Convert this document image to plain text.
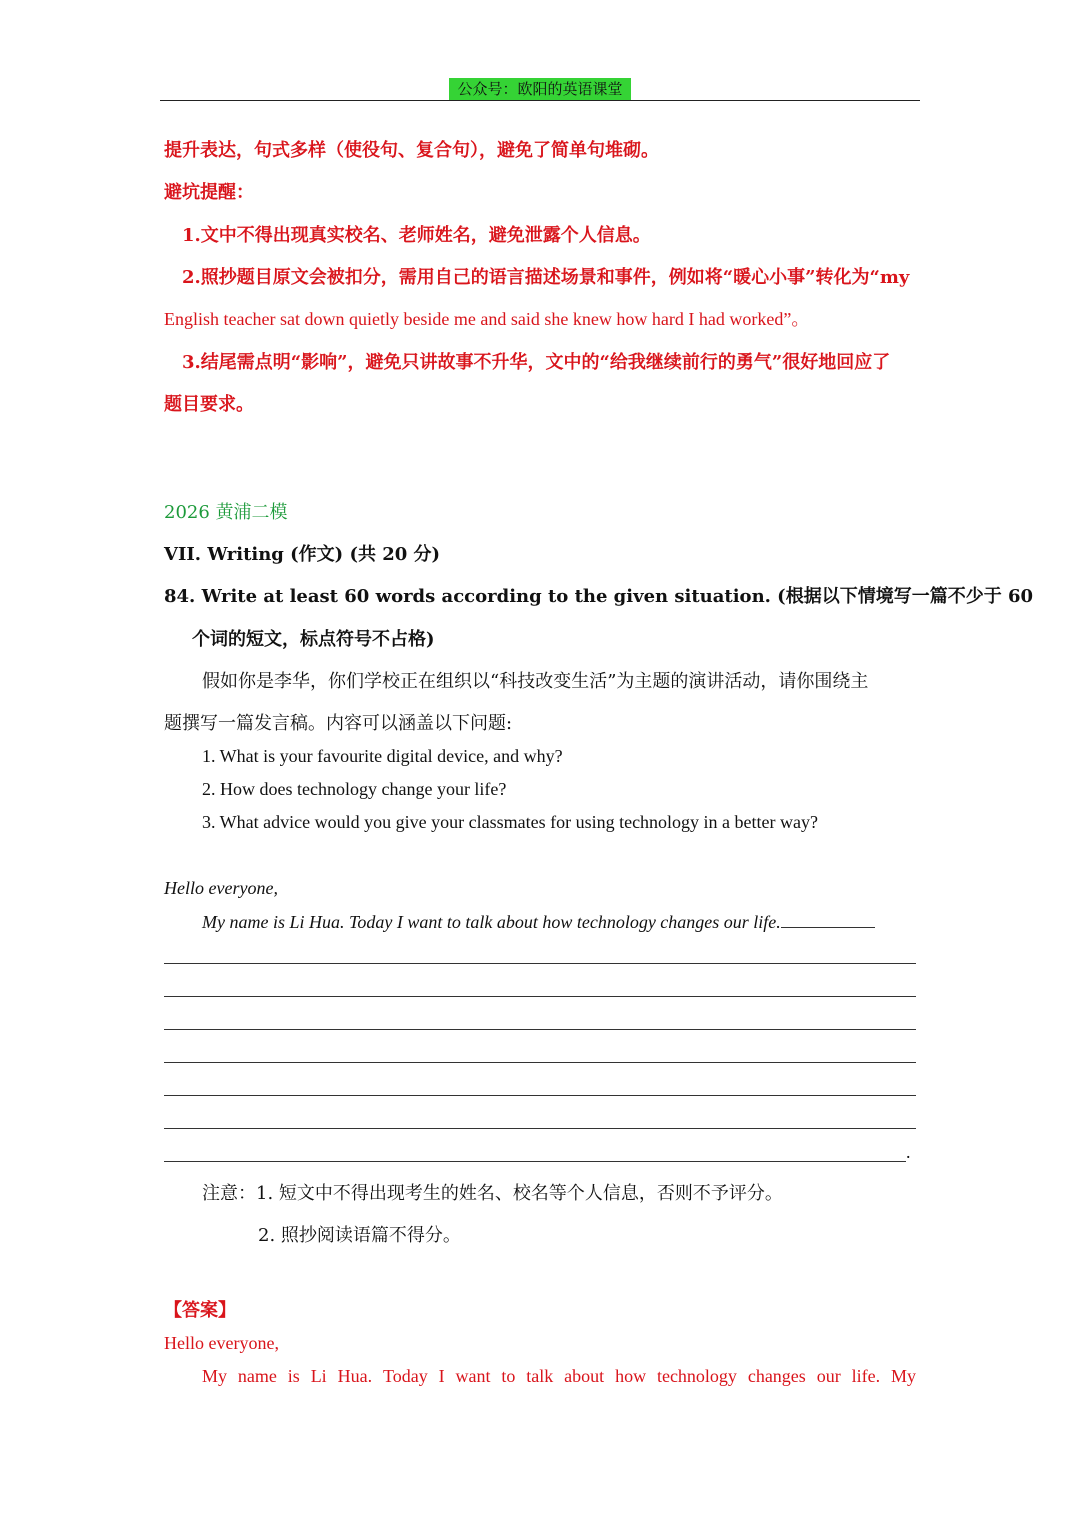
公众号：欧阳的英语课堂
提升表达，句式多样（使役句、复合句），避免了简单句堆砌。
避坑提醒：
1.文中不得出现真实校名、老师姓名，避免泄露个人信息。
2.照抄题目原文会被扣分，需用自己的语言描述场景和事件，例如将“暖心小事”转化为“my
English teacher sat down quietly beside me and said she knew how hard I had worked”。
3.结尾需点明“影响”，避免只讲故事不升华，文中的“给我继续前行的勇气”很好地回应了
题目要求。
2026 黄浦二模
VII. Writing (作文) (共 20 分)
84. Write at least 60 words according to the given situation. (根据以下情境写一篇不少于 60
个词的短文，标点符号不占格)
假如你是李华，你们学校正在组织以“科技改变生活”为主题的演讲活动，请你围绕主
题撰写一篇发言稿。内容可以涵盖以下问题:
1. What is your favourite digital device, and why?
2. How does technology change your life?
3. What advice would you give your classmates for using technology in a better way?
Hello everyone,
My name is Li Hua. Today I want to talk about how technology changes our life.
.
注意：1. 短文中不得出现考生的姓名、校名等个人信息，否则不予评分。
2. 照抄阅读语篇不得分。
【答案】
Hello everyone,
My name is Li Hua. Today I want to talk about how technology changes our life. My
